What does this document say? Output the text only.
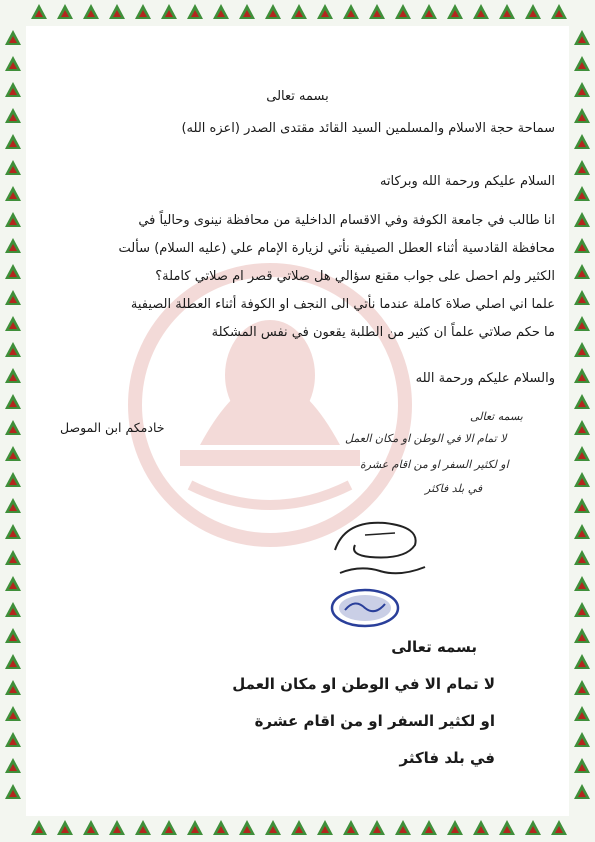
بسمه تعالى
سماحة حجة الاسلام والمسلمين السيد القائد مقتدى الصدر (اعزه الله)
السلام عليكم ورحمة الله وبركاته
انا طالب في جامعة الكوفة وفي الاقسام الداخلية من محافظة نينوى وحالياً في
محافظة القادسية أثناء العطل الصيفية نأتي لزيارة الإمام علي (عليه السلام) سألت
الكثير ولم احصل على جواب مقنع سؤالي هل صلاتي قصر ام صلاتي كاملة؟
علما اني اصلي صلاة كاملة عندما نأتي الى النجف او الكوفة أثناء العطلة الصيفية
ما حكم صلاتي علماً ان كثير من الطلبة يقعون في نفس المشكلة
والسلام عليكم ورحمة الله
خادمكم ابن الموصل
بسمه تعالى
لا تمام الا في الوطن او مكان العمل
او لكثير السفر او من اقام عشرة
في بلد فاكثر
بسمه تعالى
لا تمام الا في الوطن او مكان العمل
او لكثير السفر او من اقام عشرة
في بلد فاكثر
